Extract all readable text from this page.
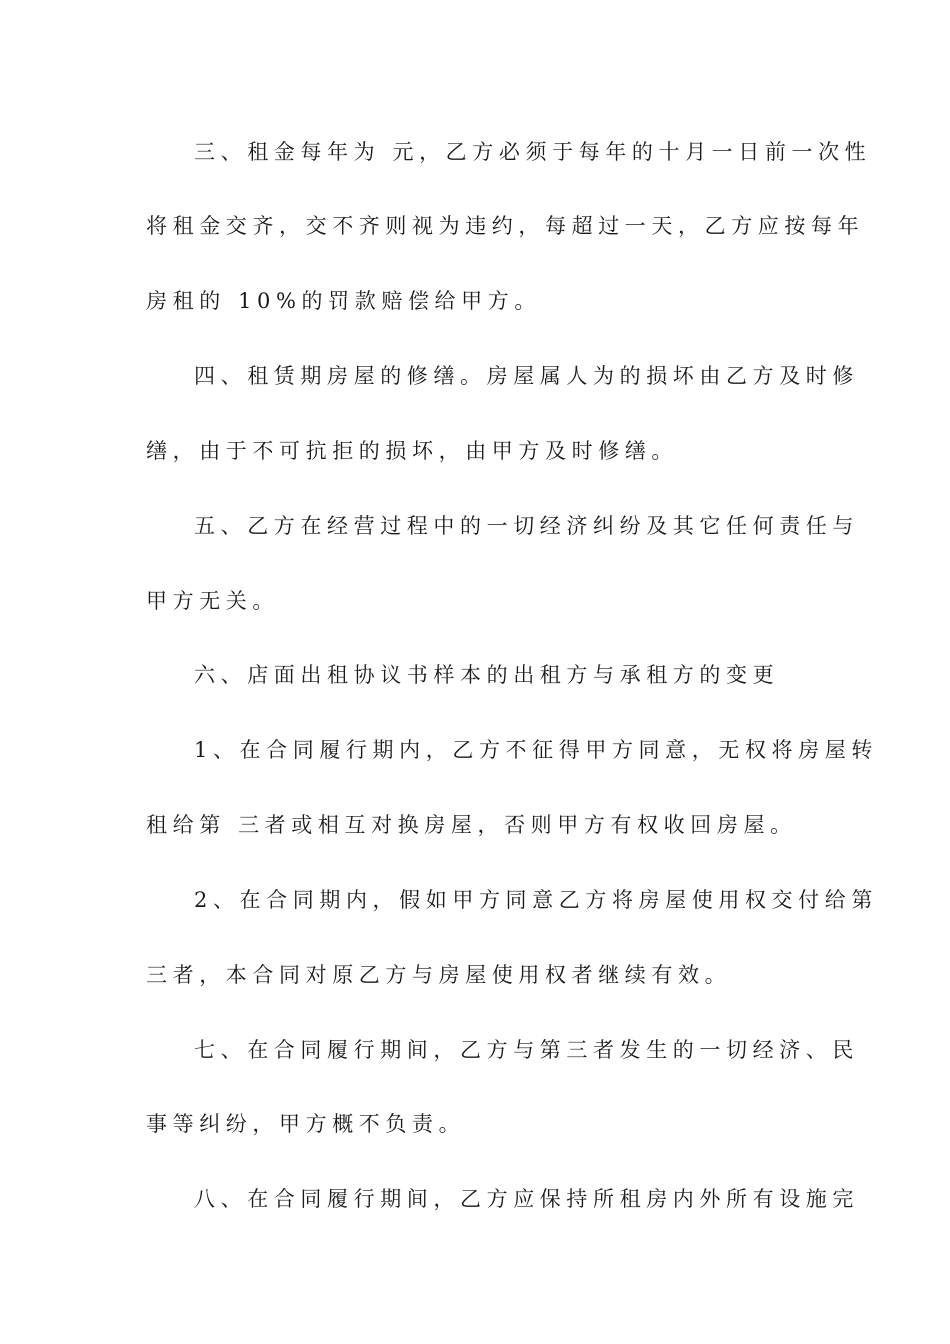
三、租金每年为 元，乙方必须于每年的十月一日前一次性
将租金交齐，交不齐则视为违约，每超过一天，乙方应按每年
房租的 10%的罚款赔偿给甲方。
四、租赁期房屋的修缮。房屋属人为的损坏由乙方及时修
缮，由于不可抗拒的损坏，由甲方及时修缮。
五、乙方在经营过程中的一切经济纠纷及其它任何责任与
甲方无关。
六、店面出租协议书样本的出租方与承租方的变更
1、在合同履行期内，乙方不征得甲方同意，无权将房屋转
租给第 三者或相互对换房屋，否则甲方有权收回房屋。
2、在合同期内，假如甲方同意乙方将房屋使用权交付给第
三者，本合同对原乙方与房屋使用权者继续有效。
七、在合同履行期间，乙方与第三者发生的一切经济、民
事等纠纷，甲方概不负责。
八、在合同履行期间，乙方应保持所租房内外所有设施完
